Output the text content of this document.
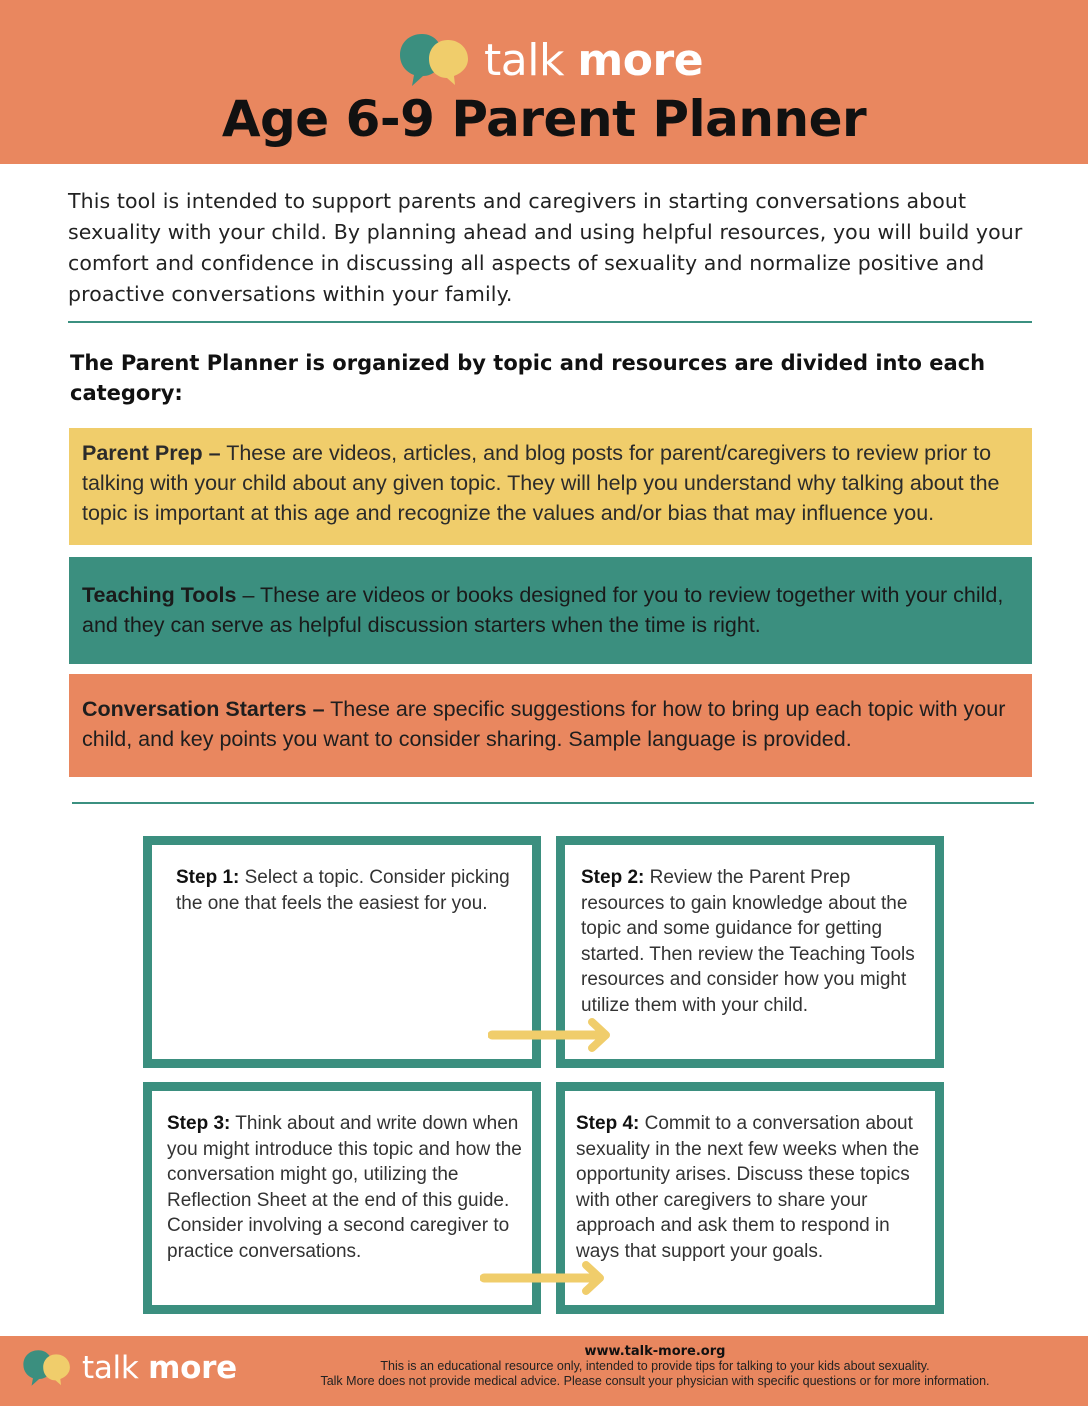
talk more
Age 6-9 Parent Planner

This tool is intended to support parents and caregivers in starting conversations about sexuality with your child. By planning ahead and using helpful resources, you will build your comfort and confidence in discussing all aspects of sexuality and normalize positive and proactive conversations within your family.

The Parent Planner is organized by topic and resources are divided into each category:

Parent Prep – These are videos, articles, and blog posts for parent/caregivers to review prior to talking with your child about any given topic. They will help you understand why talking about the topic is important at this age and recognize the values and/or bias that may influence you.
Teaching Tools – These are videos or books designed for you to review together with your child, and they can serve as helpful discussion starters when the time is right.
Conversation Starters – These are specific suggestions for how to bring up each topic with your child, and key points you want to consider sharing. Sample language is provided.
Step 1: Select a topic. Consider picking the one that feels the easiest for you.
Step 2: Review the Parent Prep resources to gain knowledge about the topic and some guidance for getting started. Then review the Teaching Tools resources and consider how you might utilize them with your child.
Step 3: Think about and write down when you might introduce this topic and how the conversation might go, utilizing the Reflection Sheet at the end of this guide. Consider involving a second caregiver to practice conversations.
Step 4: Commit to a conversation about sexuality in the next few weeks when the opportunity arises. Discuss these topics with other caregivers to share your approach and ask them to respond in ways that support your goals.
talk more	www.talk-more.org

This is an educational resource only, intended to provide tips for talking to your kids about sexuality.

Talk More does not provide medical advice. Please consult your physician with specific questions or for more information.
